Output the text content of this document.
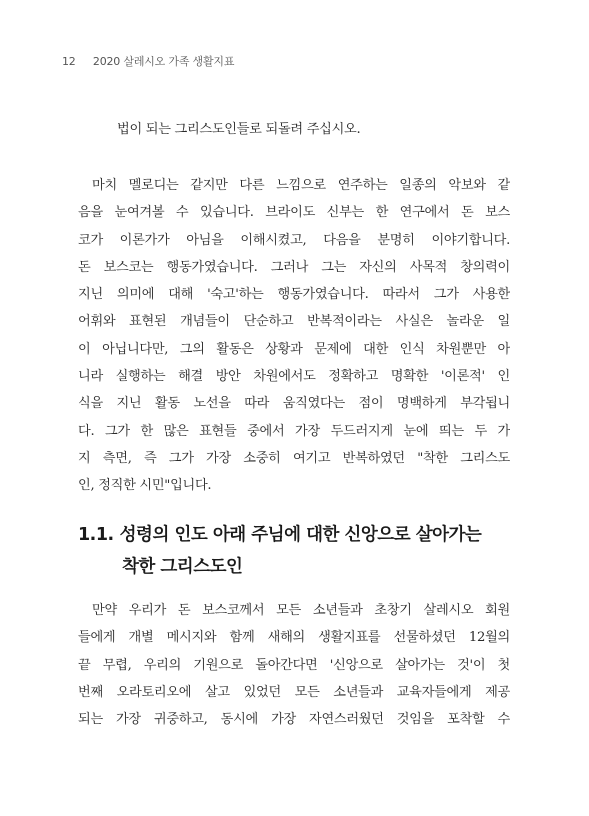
12 2020 살레시오 가족 생활지표
법이 되는 그리스도인들로 되돌려 주십시오.
마치 멜로디는 같지만 다른 느낌으로 연주하는 일종의 악보와 같
음을 눈여겨볼 수 있습니다. 브라이도 신부는 한 연구에서 돈 보스
코가 이론가가 아님을 이해시켰고, 다음을 분명히 이야기합니다.
돈 보스코는 행동가였습니다. 그러나 그는 자신의 사목적 창의력이
지닌 의미에 대해 '숙고'하는 행동가였습니다. 따라서 그가 사용한
어휘와 표현된 개념들이 단순하고 반복적이라는 사실은 놀라운 일
이 아닙니다만, 그의 활동은 상황과 문제에 대한 인식 차원뿐만 아
니라 실행하는 해결 방안 차원에서도 정확하고 명확한 '이론적' 인
식을 지닌 활동 노선을 따라 움직였다는 점이 명백하게 부각됩니
다. 그가 한 많은 표현들 중에서 가장 두드러지게 눈에 띄는 두 가
지 측면, 즉 그가 가장 소중히 여기고 반복하였던 "착한 그리스도
인, 정직한 시민"입니다.
1.1. 성령의 인도 아래 주님에 대한 신앙으로 살아가는
착한 그리스도인
만약 우리가 돈 보스코께서 모든 소년들과 초창기 살레시오 회원
들에게 개별 메시지와 함께 새해의 생활지표를 선물하셨던 12월의
끝 무렵, 우리의 기원으로 돌아간다면 '신앙으로 살아가는 것'이 첫
번째 오라토리오에 살고 있었던 모든 소년들과 교육자들에게 제공
되는 가장 귀중하고, 동시에 가장 자연스러웠던 것임을 포착할 수
